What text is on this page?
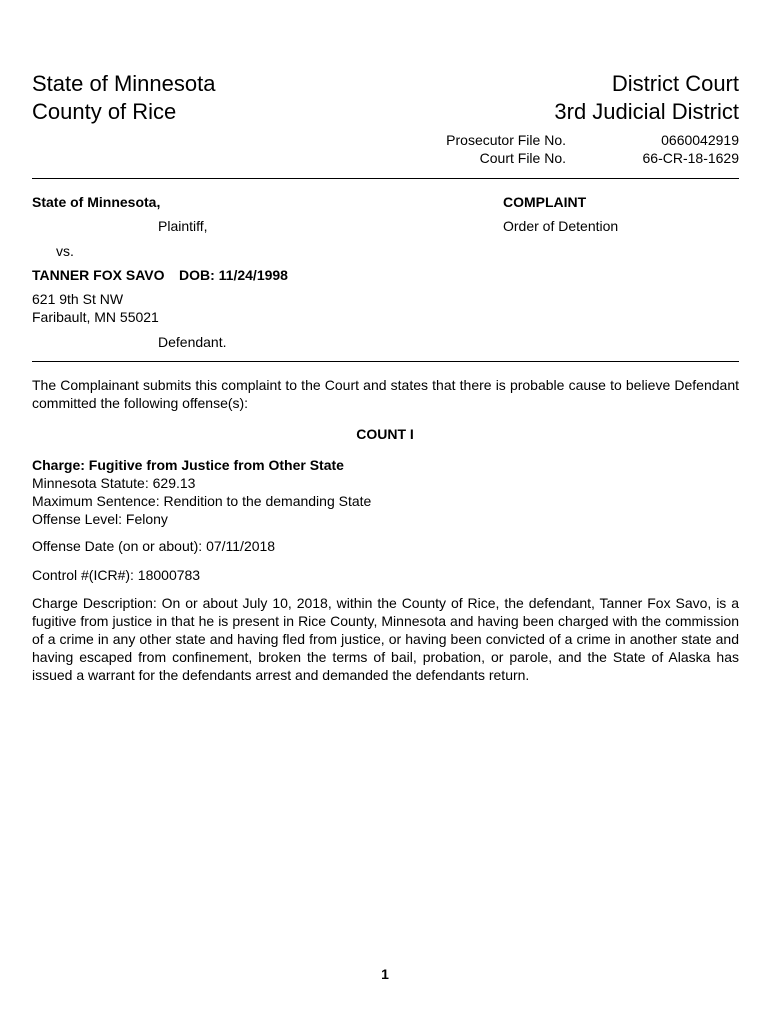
State of Minnesota
County of Rice
District Court
3rd Judicial District
Prosecutor File No.
Court File No.
0660042919
66-CR-18-1629
State of Minnesota,
Plaintiff,
vs.
TANNER FOX SAVO DOB: 11/24/1998
621 9th St NW
Faribault, MN 55021
Defendant.
COMPLAINT
Order of Detention
The Complainant submits this complaint to the Court and states that there is probable cause to believe Defendant committed the following offense(s):
COUNT I
Charge: Fugitive from Justice from Other State
Minnesota Statute: 629.13
Maximum Sentence: Rendition to the demanding State
Offense Level: Felony
Offense Date (on or about): 07/11/2018
Control #(ICR#): 18000783
Charge Description: On or about July 10, 2018, within the County of Rice, the defendant, Tanner Fox Savo, is a fugitive from justice in that he is present in Rice County, Minnesota and having been charged with the commission of a crime in any other state and having fled from justice, or having been convicted of a crime in another state and having escaped from confinement, broken the terms of bail, probation, or parole, and the State of Alaska has issued a warrant for the defendants arrest and demanded the defendants return.
1
